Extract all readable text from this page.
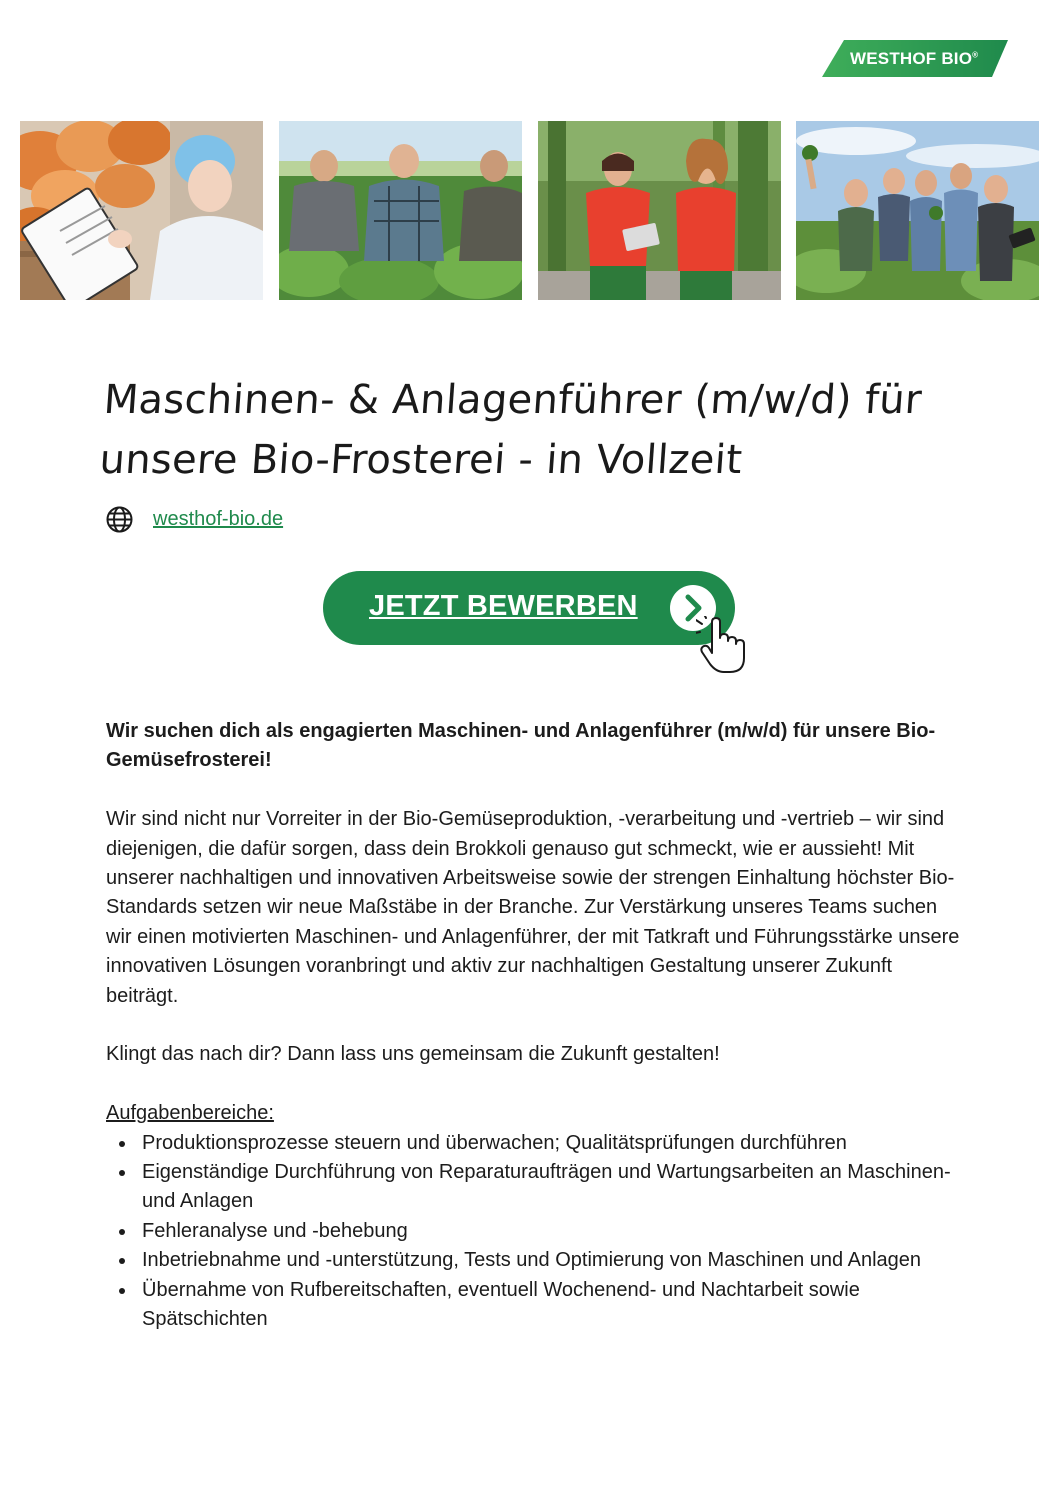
WESTHOF BIO®
Maschinen- & Anlagenführer (m/w/d) für
unsere Bio-Frosterei - in Vollzeit
westhof-bio.de
JETZT BEWERBEN

Wir suchen dich als engagierten Maschinen- und Anlagenführer (m/w/d) für unsere Bio-Gemüsefrosterei!

Wir sind nicht nur Vorreiter in der Bio-Gemüseproduktion, -verarbeitung und -vertrieb – wir sind diejenigen, die dafür sorgen, dass dein Brokkoli genauso gut schmeckt, wie er aussieht! Mit unserer nachhaltigen und innovativen Arbeitsweise sowie der strengen Einhaltung höchster Bio-Standards setzen wir neue Maßstäbe in der Branche. Zur Verstärkung unseres Teams suchen wir einen motivierten Maschinen- und Anlagenführer, der mit Tatkraft und Führungsstärke unsere innovativen Lösungen voranbringt und aktiv zur nachhaltigen Gestaltung unserer Zukunft beiträgt.

Klingt das nach dir? Dann lass uns gemeinsam die Zukunft gestalten!

Aufgabenbereiche:

Produktionsprozesse steuern und überwachen; Qualitätsprüfungen durchführen
Eigenständige Durchführung von Reparaturaufträgen und Wartungsarbeiten an Maschinen- und Anlagen
Fehleranalyse und -behebung
Inbetriebnahme und -unterstützung, Tests und Optimierung von Maschinen und Anlagen
Übernahme von Rufbereitschaften, eventuell Wochenend- und Nachtarbeit sowie Spätschichten
